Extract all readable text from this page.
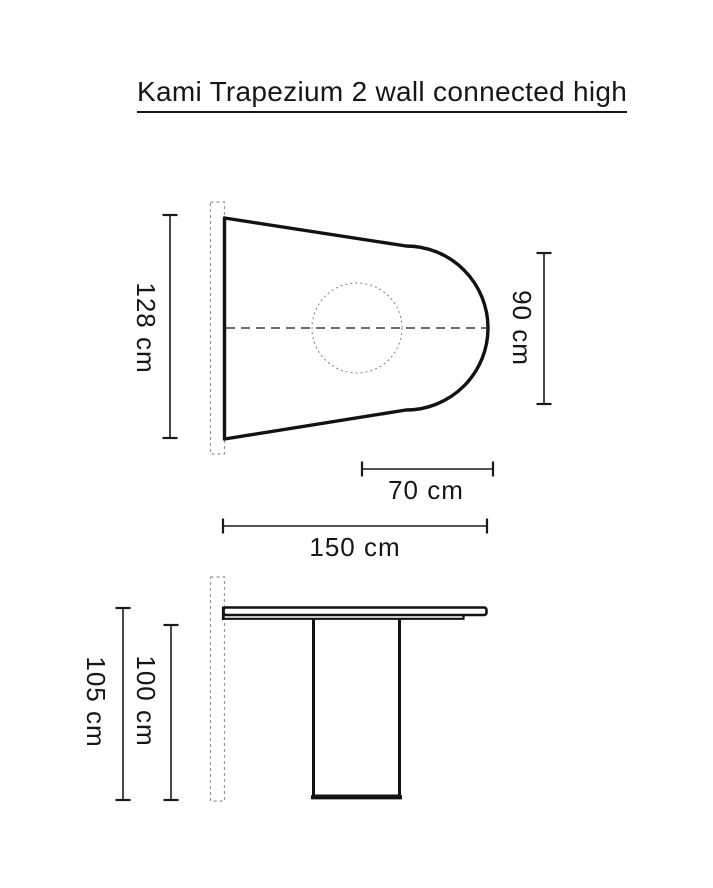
Kami Trapezium 2 wall connected high
128 cm	90 cm
70 cm
150 cm
105 cm 100 cm
